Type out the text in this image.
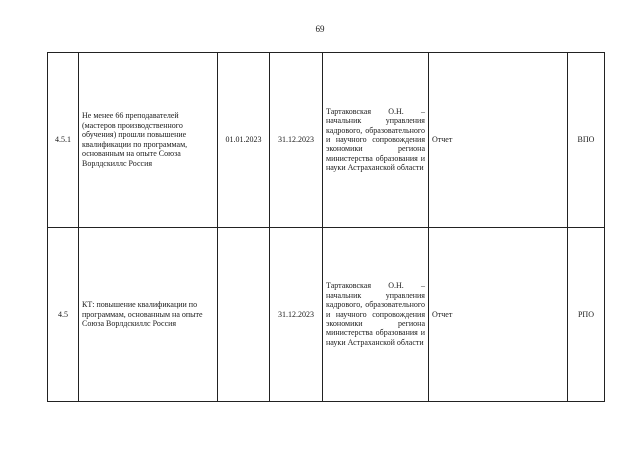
69
4.5.1	Не менее 66 преподавателей (мастеров производственного обучения) прошли повышение квалификации по программам, основанным на опыте Союза Ворлдскиллс Россия	01.01.2023	31.12.2023	Тартаковская О.Н. – начальник управления кадрового, образовательного и научного сопровождения экономики региона министерства образования и науки Астраханской области	Отчет	ВПО
4.5	КТ: повышение квалификации по программам, основанным на опыте Союза Ворлдскиллс Россия		31.12.2023	Тартаковская О.Н. – начальник управления кадрового, образовательного и научного сопровождения экономики региона министерства образования и науки Астраханской области	Отчет	РПО
